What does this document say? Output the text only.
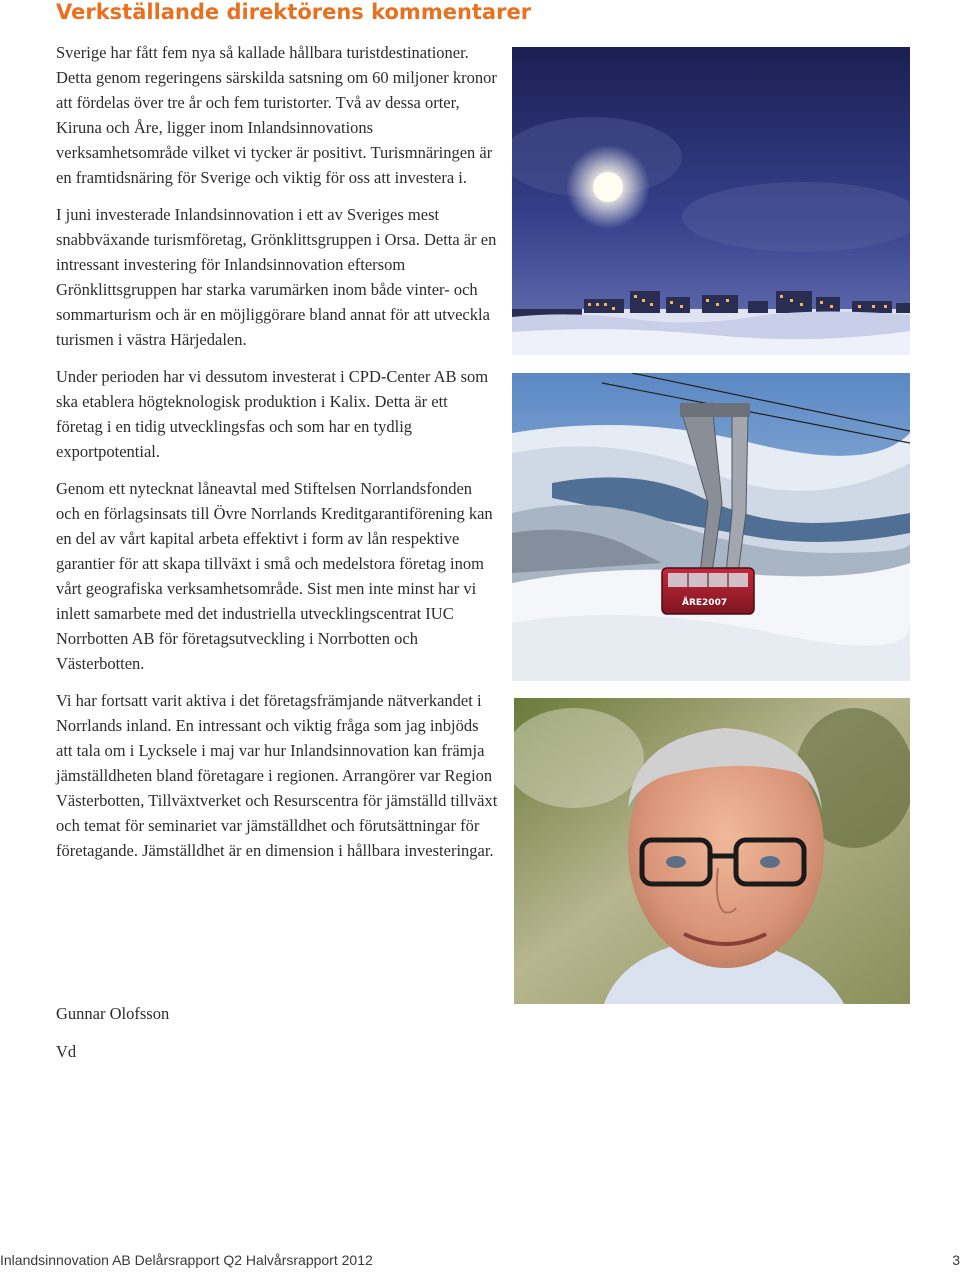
Verkställande direktörens kommentarer

Sverige har fått fem nya så kallade hållbara turistdestinationer. Detta genom regeringens särskilda satsning om 60 miljoner kronor att fördelas över tre år och fem turistorter. Två av dessa orter, Kiruna och Åre, ligger inom Inlandsinnovations verksamhetsområde vilket vi tycker är positivt. Turismnäringen är en framtidsnäring för Sverige och viktig för oss att investera i.

I juni investerade Inlandsinnovation i ett av Sveriges mest snabbväxande turismföretag, Grönklittsgruppen i Orsa. Detta är en intressant investering för Inlandsinnovation eftersom Grönklittsgruppen har starka varumärken inom både vinter- och sommarturism och är en möjliggörare bland annat för att utveckla turismen i västra Härjedalen.

Under perioden har vi dessutom investerat i CPD-Center AB som ska etablera högteknologisk produktion i Kalix. Detta är ett företag i en tidig utvecklingsfas och som har en tydlig exportpotential.

Genom ett nytecknat låneavtal med Stiftelsen Norrlandsfonden och en förlagsinsats till Övre Norrlands Kreditgarantiförening kan en del av vårt kapital arbeta effektivt i form av lån respektive garantier för att skapa tillväxt i små och medelstora företag inom vårt geografiska verksamhetsområde. Sist men inte minst har vi inlett samarbete med det industriella utvecklingscentrat IUC Norrbotten AB för företagsutveckling i Norrbotten och Västerbotten.

Vi har fortsatt varit aktiva i det företagsfrämjande nätverkandet i Norrlands inland. En intressant och viktig fråga som jag inbjöds att tala om i Lycksele i maj var hur Inlandsinnovation kan främja jämställdheten bland företagare i regionen. Arrangörer var Region Västerbotten, Tillväxtverket och Resurscentra för jämställd tillväxt och temat för seminariet var jämställdhet och förutsättningar för företagande. Jämställdhet är en dimension i hållbara investeringar.

Gunnar Olofsson
Vd
ÅRE2007
Inlandsinnovation AB Delårsrapport Q2 Halvårsrapport 2012	3
